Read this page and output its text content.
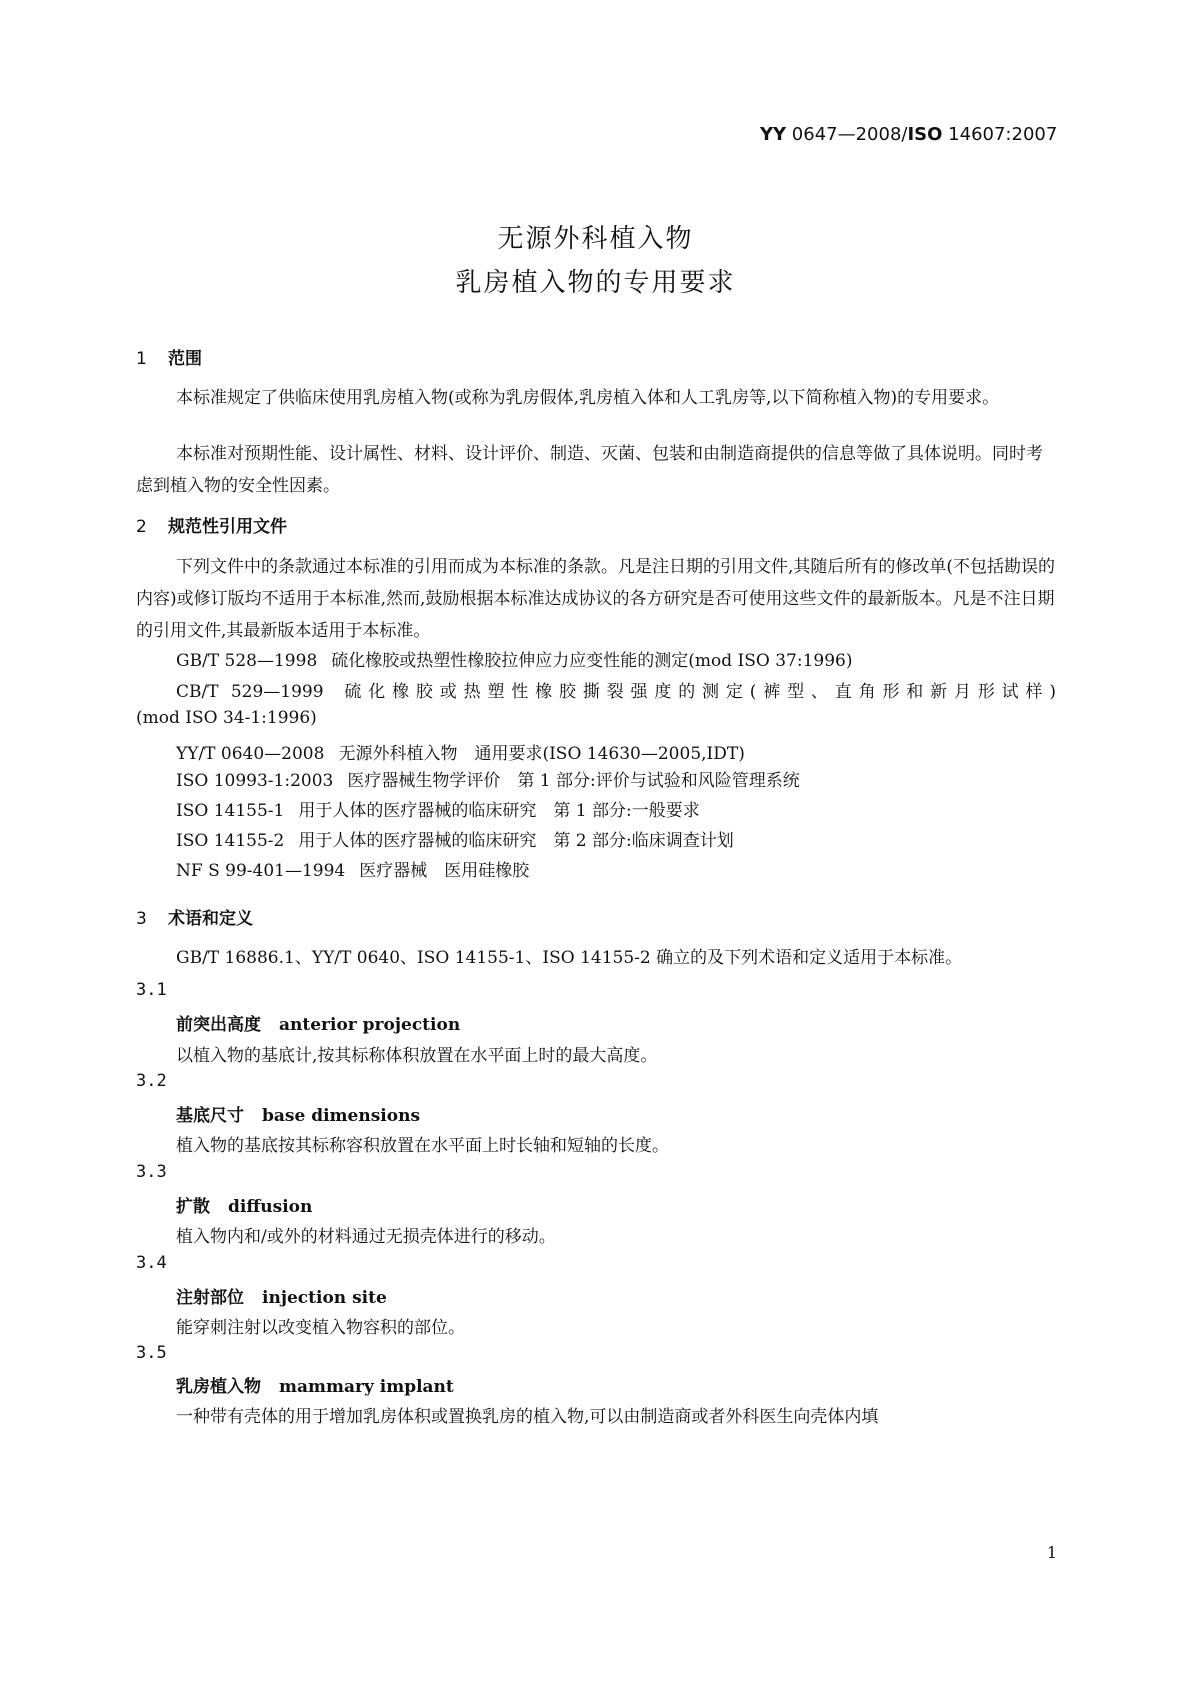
YY 0647—2008/ISO 14607:2007
无源外科植入物
乳房植入物的专用要求
1 范围
本标准规定了供临床使用乳房植入物(或称为乳房假体,乳房植入体和人工乳房等,以下简称植入物)的专用要求。
本标准对预期性能、设计属性、材料、设计评价、制造、灭菌、包装和由制造商提供的信息等做了具体说明。同时考虑到植入物的安全性因素。
2 规范性引用文件
下列文件中的条款通过本标准的引用而成为本标准的条款。凡是注日期的引用文件,其随后所有的修改单(不包括勘误的内容)或修订版均不适用于本标准,然而,鼓励根据本标准达成协议的各方研究是否可使用这些文件的最新版本。凡是不注日期的引用文件,其最新版本适用于本标准。
GB/T 528—1998 硫化橡胶或热塑性橡胶拉伸应力应变性能的测定(mod ISO 37:1996)
CB/T 529—1999 硫化橡胶或热塑性橡胶撕裂强度的测定(裤型、直角形和新月形试样)
(mod ISO 34-1:1996)
YY/T 0640—2008 无源外科植入物　通用要求(ISO 14630—2005,IDT)
ISO 10993-1:2003 医疗器械生物学评价　第 1 部分:评价与试验和风险管理系统
ISO 14155-1 用于人体的医疗器械的临床研究　第 1 部分:一般要求
ISO 14155-2 用于人体的医疗器械的临床研究　第 2 部分:临床调查计划
NF S 99-401—1994 医疗器械　医用硅橡胶
3 术语和定义
GB/T 16886.1、YY/T 0640、ISO 14155-1、ISO 14155-2 确立的及下列术语和定义适用于本标准。
3.1
前突出高度 anterior projection
以植入物的基底计,按其标称体积放置在水平面上时的最大高度。
3.2
基底尺寸 base dimensions
植入物的基底按其标称容积放置在水平面上时长轴和短轴的长度。
3.3
扩散 diffusion
植入物内和/或外的材料通过无损壳体进行的移动。
3.4
注射部位 injection site
能穿刺注射以改变植入物容积的部位。
3.5
乳房植入物 mammary implant
一种带有壳体的用于增加乳房体积或置换乳房的植入物,可以由制造商或者外科医生向壳体内填
1
